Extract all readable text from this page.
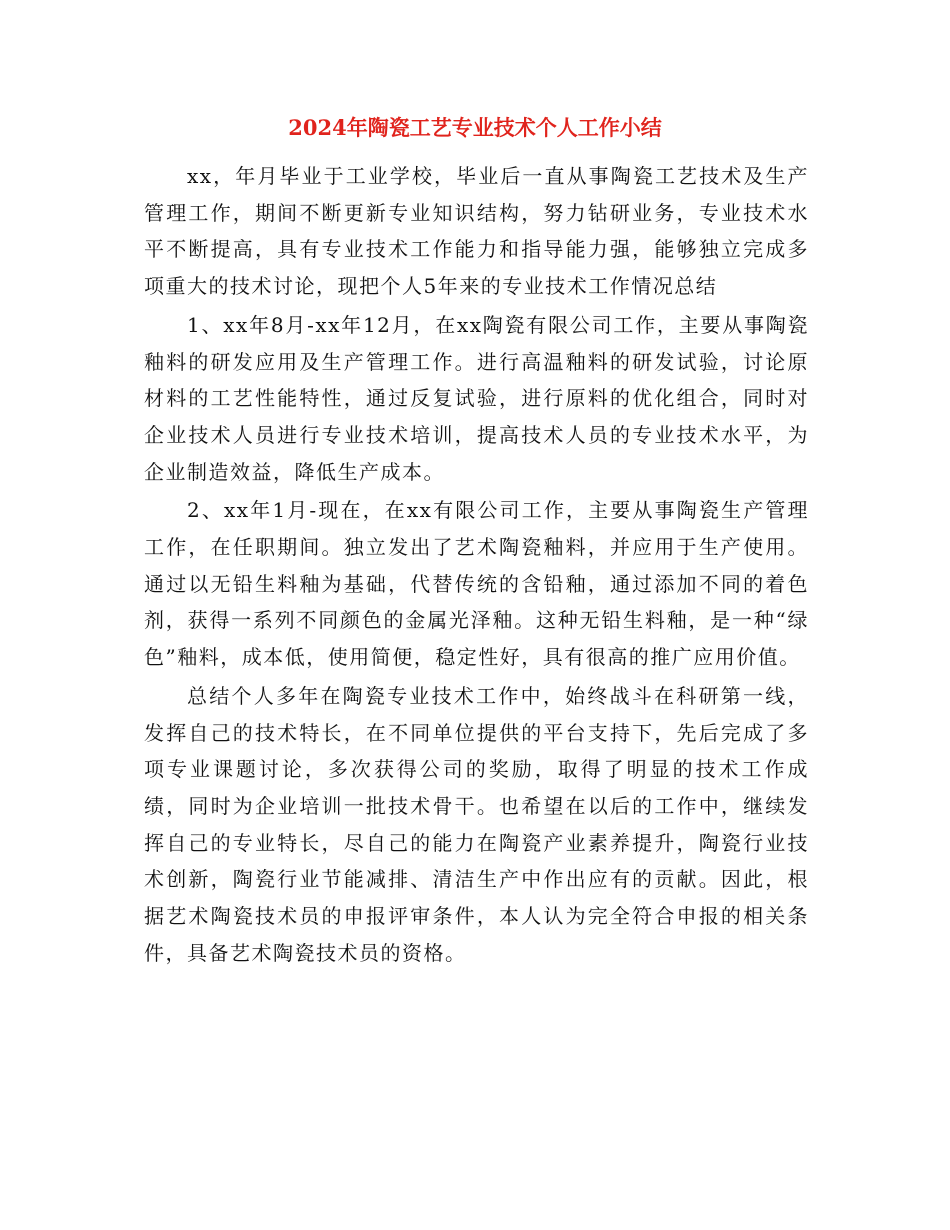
2024年陶瓷工艺专业技术个人工作小结

xx，年月毕业于工业学校，毕业后一直从事陶瓷工艺技术及生产管理工作，期间不断更新专业知识结构，努力钻研业务，专业技术水平不断提高，具有专业技术工作能力和指导能力强，能够独立完成多项重大的技术讨论，现把个人5年来的专业技术工作情况总结

1、xx年8月-xx年12月，在xx陶瓷有限公司工作，主要从事陶瓷釉料的研发应用及生产管理工作。进行高温釉料的研发试验，讨论原材料的工艺性能特性，通过反复试验，进行原料的优化组合，同时对企业技术人员进行专业技术培训，提高技术人员的专业技术水平，为企业制造效益，降低生产成本。

2、xx年1月-现在，在xx有限公司工作，主要从事陶瓷生产管理工作，在任职期间。独立发出了艺术陶瓷釉料，并应用于生产使用。通过以无铅生料釉为基础，代替传统的含铅釉，通过添加不同的着色剂，获得一系列不同颜色的金属光泽釉。这种无铅生料釉，是一种“绿色”釉料，成本低，使用简便，稳定性好，具有很高的推广应用价值。

总结个人多年在陶瓷专业技术工作中，始终战斗在科研第一线，发挥自己的技术特长，在不同单位提供的平台支持下，先后完成了多项专业课题讨论，多次获得公司的奖励，取得了明显的技术工作成绩，同时为企业培训一批技术骨干。也希望在以后的工作中，继续发挥自己的专业特长，尽自己的能力在陶瓷产业素养提升，陶瓷行业技术创新，陶瓷行业节能减排、清洁生产中作出应有的贡献。因此，根据艺术陶瓷技术员的申报评审条件，本人认为完全符合申报的相关条件，具备艺术陶瓷技术员的资格。
